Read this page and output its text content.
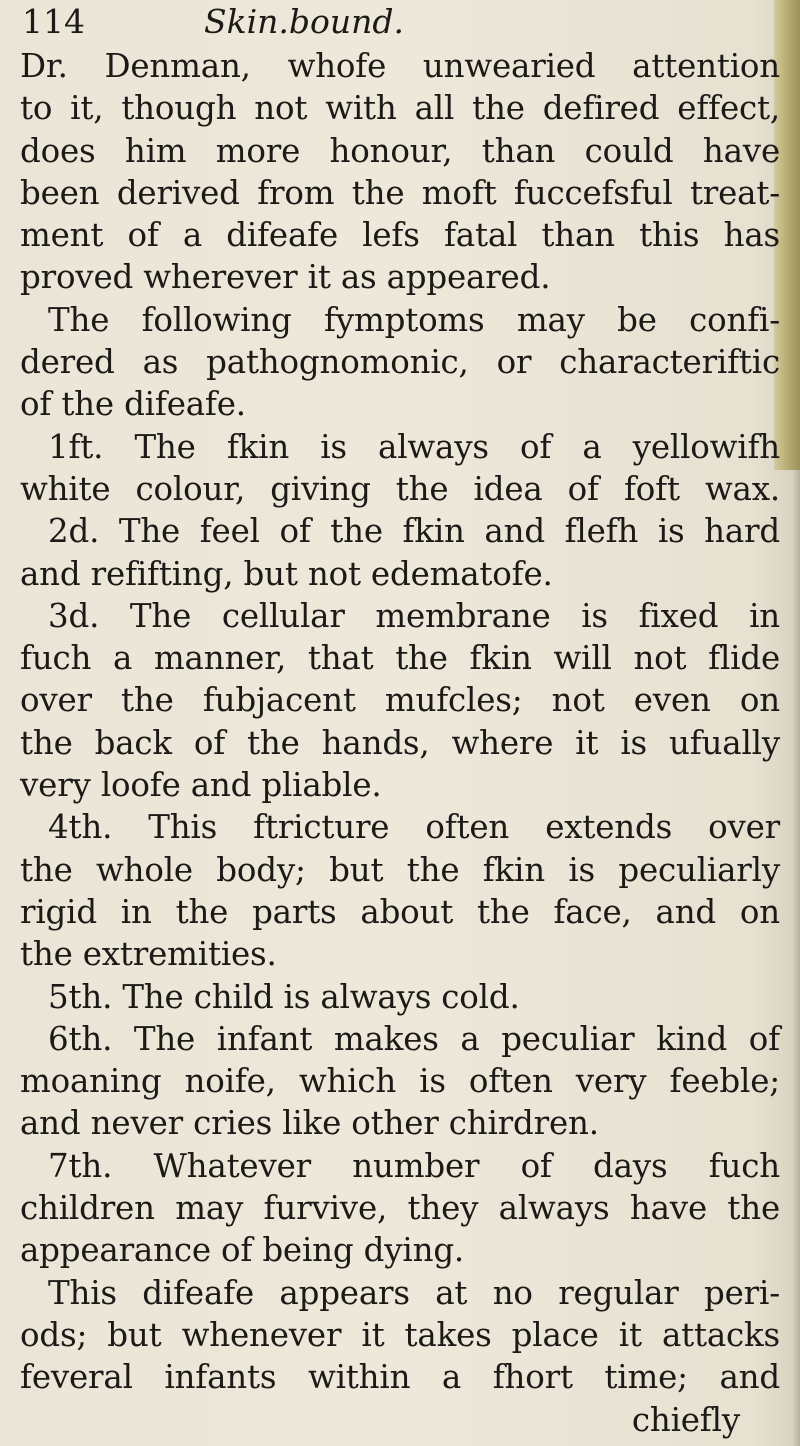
114	Skin.bound.
Dr. Denman, whofe unwearied attention
to it, though not with all the defired effect,
does him more honour, than could have
been derived from the moft fuccefsful treat-
ment of a difeafe lefs fatal than this has
proved wherever it as appeared.
The following fymptoms may be confi-
dered as pathognomonic, or characteriftic
of the difeafe.
1ft. The fkin is always of a yellowifh
white colour, giving the idea of foft wax.
2d. The feel of the fkin and flefh is hard
and refifting, but not edematofe.
3d. The cellular membrane is fixed in
fuch a manner, that the fkin will not flide
over the fubjacent mufcles; not even on
the back of the hands, where it is ufually
very loofe and pliable.
4th. This ftricture often extends over
the whole body; but the fkin is peculiarly
rigid in the parts about the face, and on
the extremities.
5th. The child is always cold.
6th. The infant makes a peculiar kind of
moaning noife, which is often very feeble;
and never cries like other chirdren.
7th. Whatever number of days fuch
children may furvive, they always have the
appearance of being dying.
This difeafe appears at no regular peri-
ods; but whenever it takes place it attacks
feveral infants within a fhort time; and
chiefly
